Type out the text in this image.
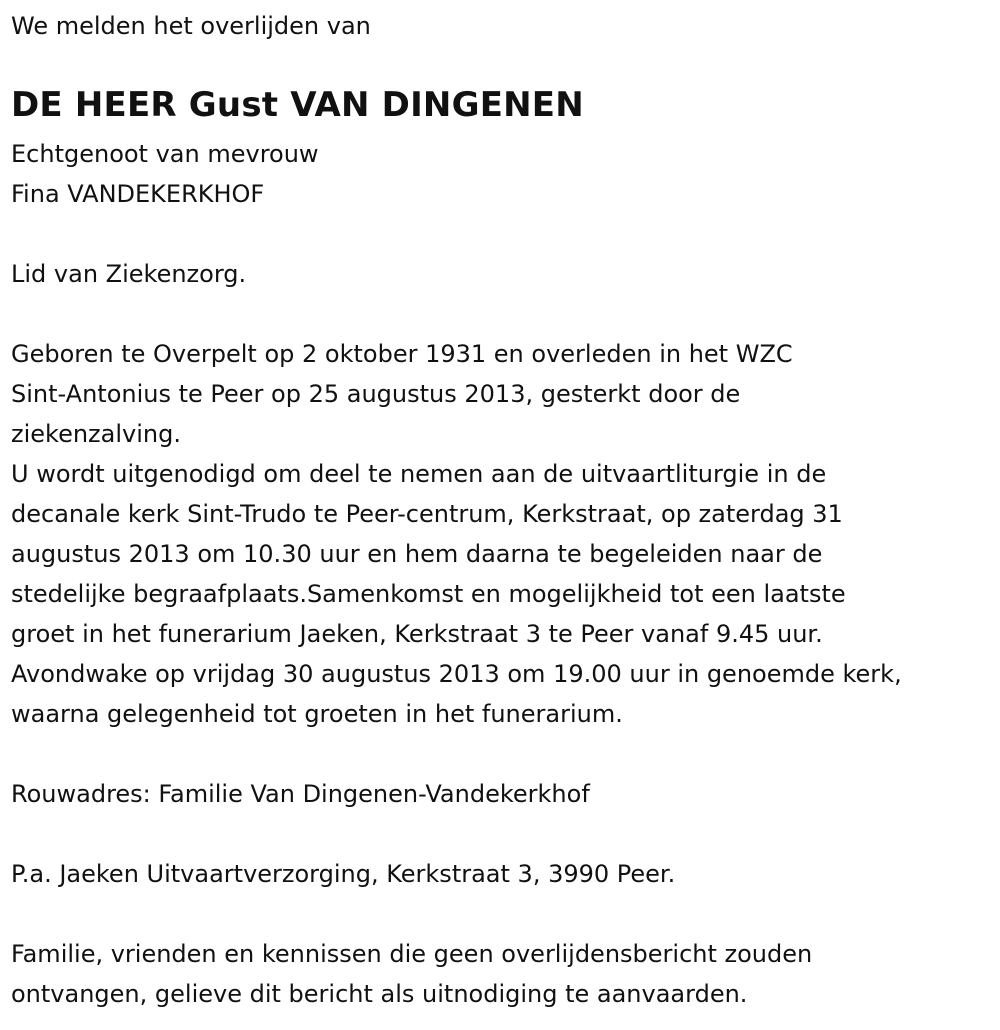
We melden het overlijden van
DE HEER Gust VAN DINGENEN
Echtgenoot van mevrouw
Fina VANDEKERKHOF
Lid van Ziekenzorg.
Geboren te Overpelt op 2 oktober 1931 en overleden in het WZC
Sint-Antonius te Peer op 25 augustus 2013, gesterkt door de
ziekenzalving.
U wordt uitgenodigd om deel te nemen aan de uitvaartliturgie in de
decanale kerk Sint-Trudo te Peer-centrum, Kerkstraat, op zaterdag 31
augustus 2013 om 10.30 uur en hem daarna te begeleiden naar de
stedelijke begraafplaats.Samenkomst en mogelijkheid tot een laatste
groet in het funerarium Jaeken, Kerkstraat 3 te Peer vanaf 9.45 uur.
Avondwake op vrijdag 30 augustus 2013 om 19.00 uur in genoemde kerk,
waarna gelegenheid tot groeten in het funerarium.
Rouwadres: Familie Van Dingenen-Vandekerkhof
P.a. Jaeken Uitvaartverzorging, Kerkstraat 3, 3990 Peer.
Familie, vrienden en kennissen die geen overlijdensbericht zouden
ontvangen, gelieve dit bericht als uitnodiging te aanvaarden.
